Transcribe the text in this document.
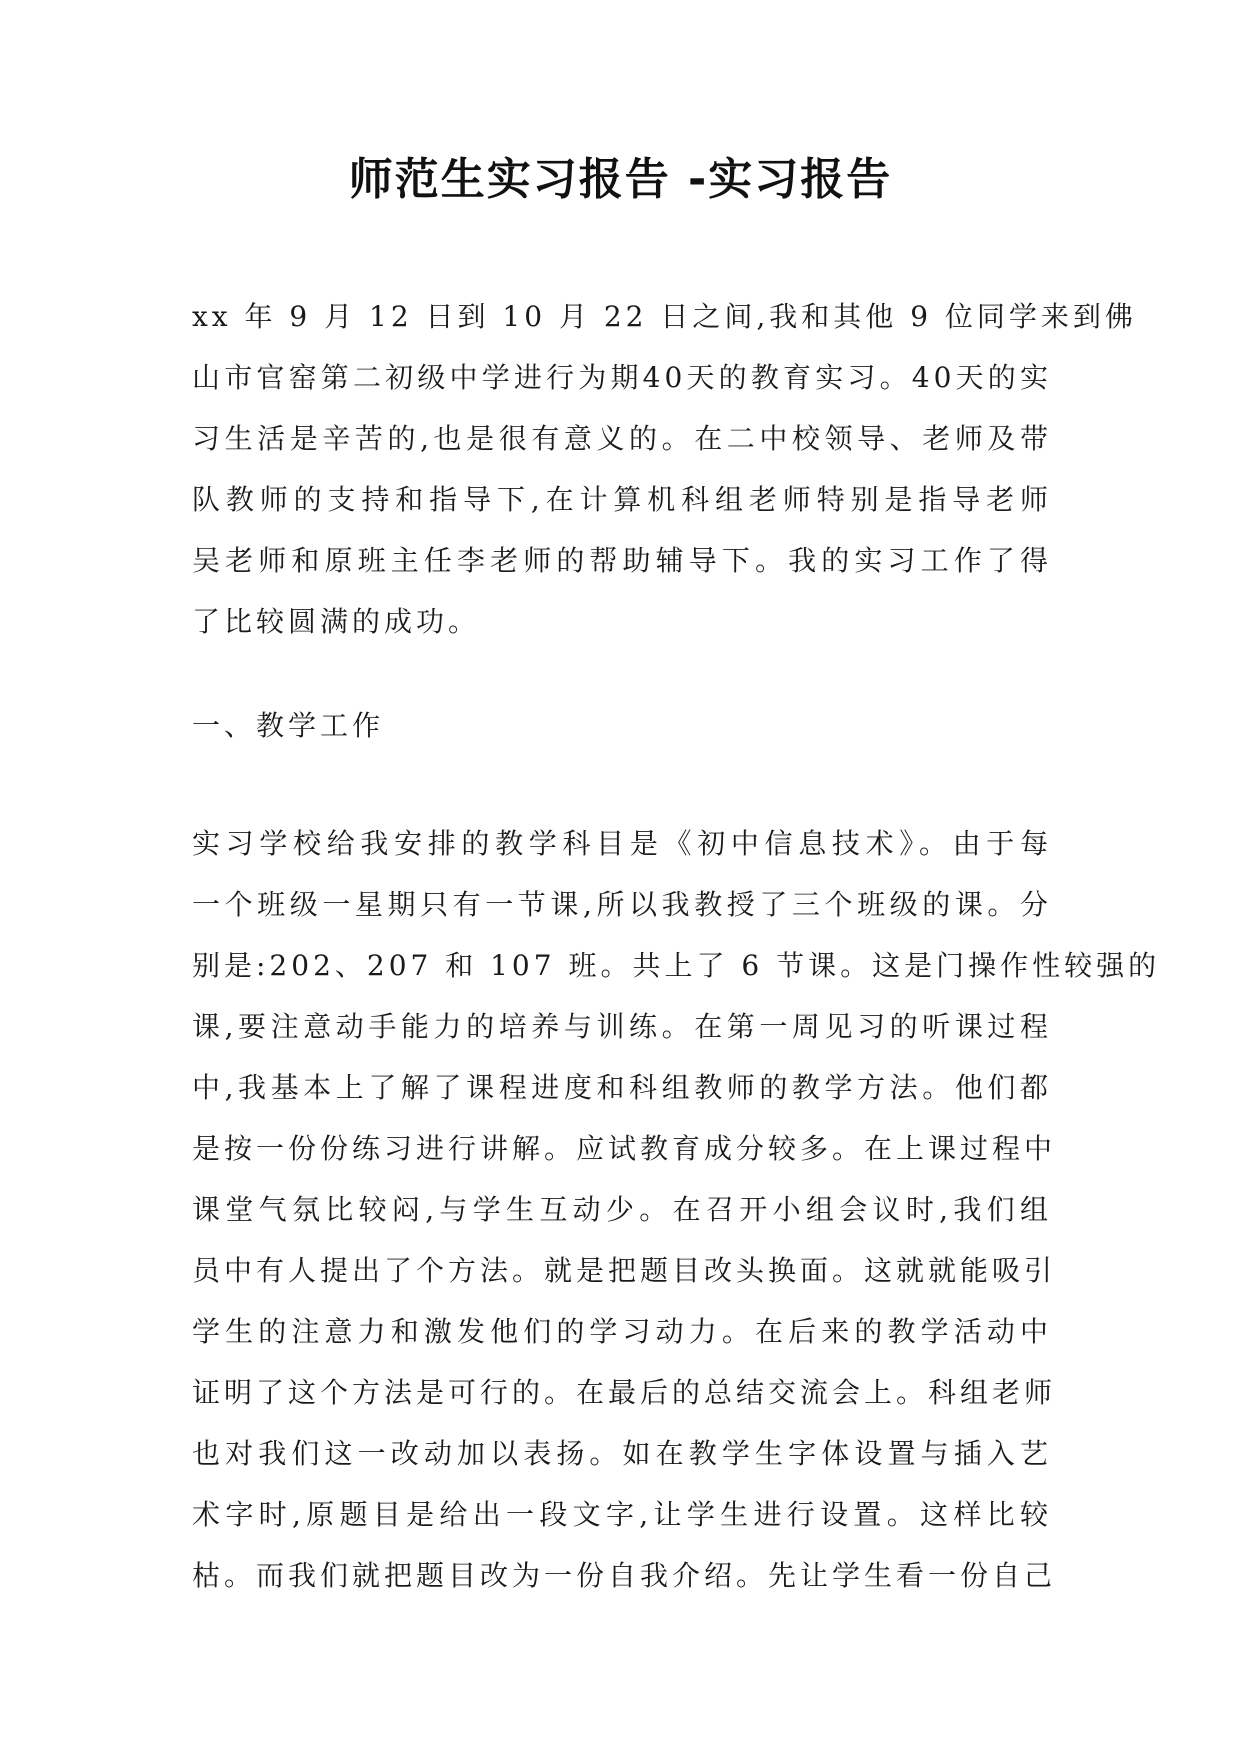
师范生实习报告 -实习报告
xx 年 9 月 12 日到 10 月 22 日之间,我和其他 9 位同学来到佛
山市官窑第二初级中学进行为期40天的教育实习。40天的实
习生活是辛苦的,也是很有意义的。在二中校领导、老师及带
队教师的支持和指导下,在计算机科组老师特别是指导老师
吴老师和原班主任李老师的帮助辅导下。我的实习工作了得
了比较圆满的成功。
一、教学工作
实习学校给我安排的教学科目是《初中信息技术》。由于每
一个班级一星期只有一节课,所以我教授了三个班级的课。分
别是:202、207 和 107 班。共上了 6 节课。这是门操作性较强的
课,要注意动手能力的培养与训练。在第一周见习的听课过程
中,我基本上了解了课程进度和科组教师的教学方法。他们都
是按一份份练习进行讲解。应试教育成分较多。在上课过程中
课堂气氛比较闷,与学生互动少。在召开小组会议时,我们组
员中有人提出了个方法。就是把题目改头换面。这就就能吸引
学生的注意力和激发他们的学习动力。在后来的教学活动中
证明了这个方法是可行的。在最后的总结交流会上。科组老师
也对我们这一改动加以表扬。如在教学生字体设置与插入艺
术字时,原题目是给出一段文字,让学生进行设置。这样比较
枯。而我们就把题目改为一份自我介绍。先让学生看一份自己
